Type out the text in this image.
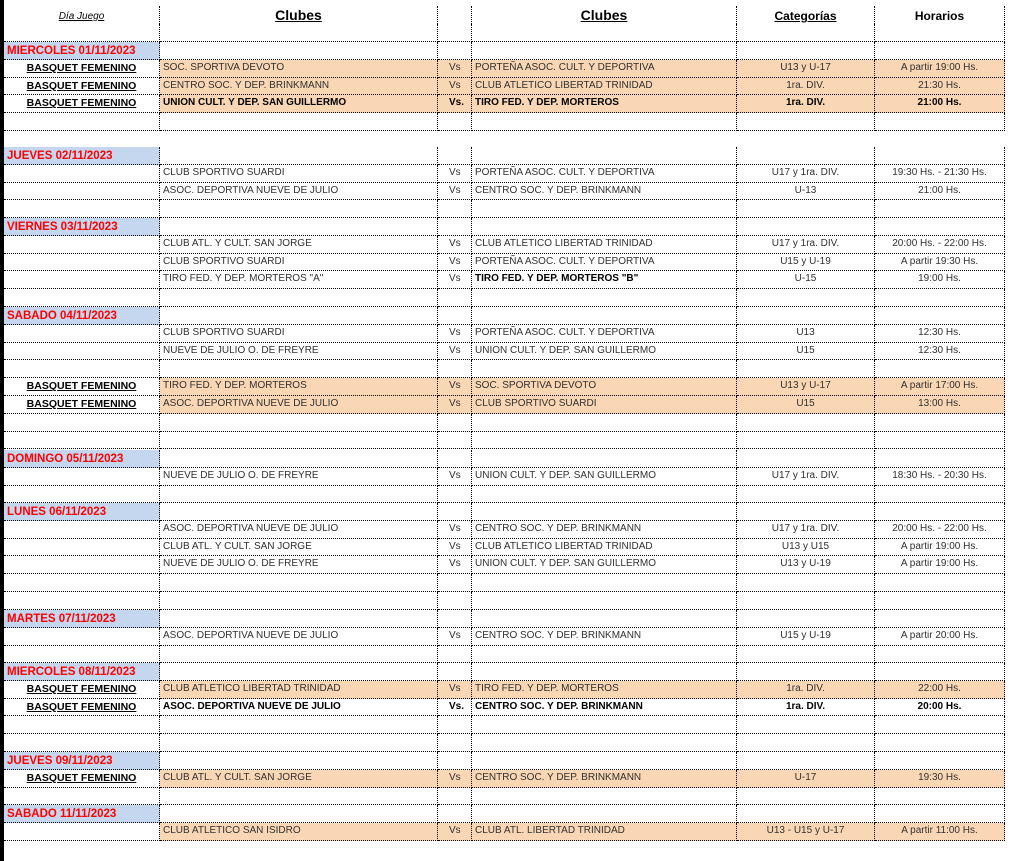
Día Juego	Clubes	Clubes	Categorías	Horarios
MIERCOLES 01/11/2023
BASQUET FEMENINO	SOC. SPORTIVA DEVOTO	Vs	PORTEÑA ASOC. CULT. Y DEPORTIVA	U13 y U-17	A partir 19:00 Hs.
BASQUET FEMENINO	CENTRO SOC. Y DEP. BRINKMANN	Vs	CLUB ATLETICO LIBERTAD TRINIDAD	1ra. DIV.	21:30 Hs.
BASQUET FEMENINO	UNION CULT. Y DEP. SAN GUILLERMO	Vs.	TIRO FED. Y DEP. MORTEROS	1ra. DIV.	21:00 Hs.
JUEVES 02/11/2023
CLUB SPORTIVO SUARDI	Vs	PORTEÑA ASOC. CULT. Y DEPORTIVA	U17 y 1ra. DIV.	19:30 Hs. - 21:30 Hs.
ASOC. DEPORTIVA NUEVE DE JULIO	Vs	CENTRO SOC. Y DEP. BRINKMANN	U-13	21:00 Hs.
VIERNES 03/11/2023
CLUB ATL. Y CULT. SAN JORGE	Vs	CLUB ATLETICO LIBERTAD TRINIDAD	U17 y 1ra. DIV.	20:00 Hs. - 22:00 Hs.
CLUB SPORTIVO SUARDI	Vs	PORTEÑA ASOC. CULT. Y DEPORTIVA	U15 y U-19	A partir 19:30 Hs.
TIRO FED. Y DEP. MORTEROS "A"	Vs	TIRO FED. Y DEP. MORTEROS "B"	U-15	19:00 Hs.
SABADO 04/11/2023
CLUB SPORTIVO SUARDI	Vs	PORTEÑA ASOC. CULT. Y DEPORTIVA	U13	12:30 Hs.
NUEVE DE JULIO O. DE FREYRE	Vs	UNION CULT. Y DEP. SAN GUILLERMO	U15	12:30 Hs.
BASQUET FEMENINO	TIRO FED. Y DEP. MORTEROS	Vs	SOC. SPORTIVA DEVOTO	U13 y U-17	A partir 17:00 Hs.
BASQUET FEMENINO	ASOC. DEPORTIVA NUEVE DE JULIO	Vs	CLUB SPORTIVO SUARDI	U15	13:00 Hs.
DOMINGO 05/11/2023
NUEVE DE JULIO O. DE FREYRE	Vs	UNION CULT. Y DEP. SAN GUILLERMO	U17 y 1ra. DIV.	18:30 Hs. - 20:30 Hs.
LUNES 06/11/2023
ASOC. DEPORTIVA NUEVE DE JULIO	Vs	CENTRO SOC. Y DEP. BRINKMANN	U17 y 1ra. DIV.	20:00 Hs. - 22:00 Hs.
CLUB ATL. Y CULT. SAN JORGE	Vs	CLUB ATLETICO LIBERTAD TRINIDAD	U13 y U15	A partir 19:00 Hs.
NUEVE DE JULIO O. DE FREYRE	Vs	UNION CULT. Y DEP. SAN GUILLERMO	U13 y U-19	A partir 19:00 Hs.
MARTES 07/11/2023
ASOC. DEPORTIVA NUEVE DE JULIO	Vs	CENTRO SOC. Y DEP. BRINKMANN	U15 y U-19	A partir 20:00 Hs.
MIERCOLES 08/11/2023
BASQUET FEMENINO	CLUB ATLETICO LIBERTAD TRINIDAD	Vs	TIRO FED. Y DEP. MORTEROS	1ra. DIV.	22:00 Hs.
BASQUET FEMENINO	ASOC. DEPORTIVA NUEVE DE JULIO	Vs.	CENTRO SOC. Y DEP. BRINKMANN	1ra. DIV.	20:00 Hs.
JUEVES 09/11/2023
BASQUET FEMENINO	CLUB ATL. Y CULT. SAN JORGE	Vs	CENTRO SOC. Y DEP. BRINKMANN	U-17	19:30 Hs.
SABADO 11/11/2023
CLUB ATLETICO SAN ISIDRO	Vs	CLUB ATL. LIBERTAD TRINIDAD	U13 - U15 y U-17	A partir 11:00 Hs.
